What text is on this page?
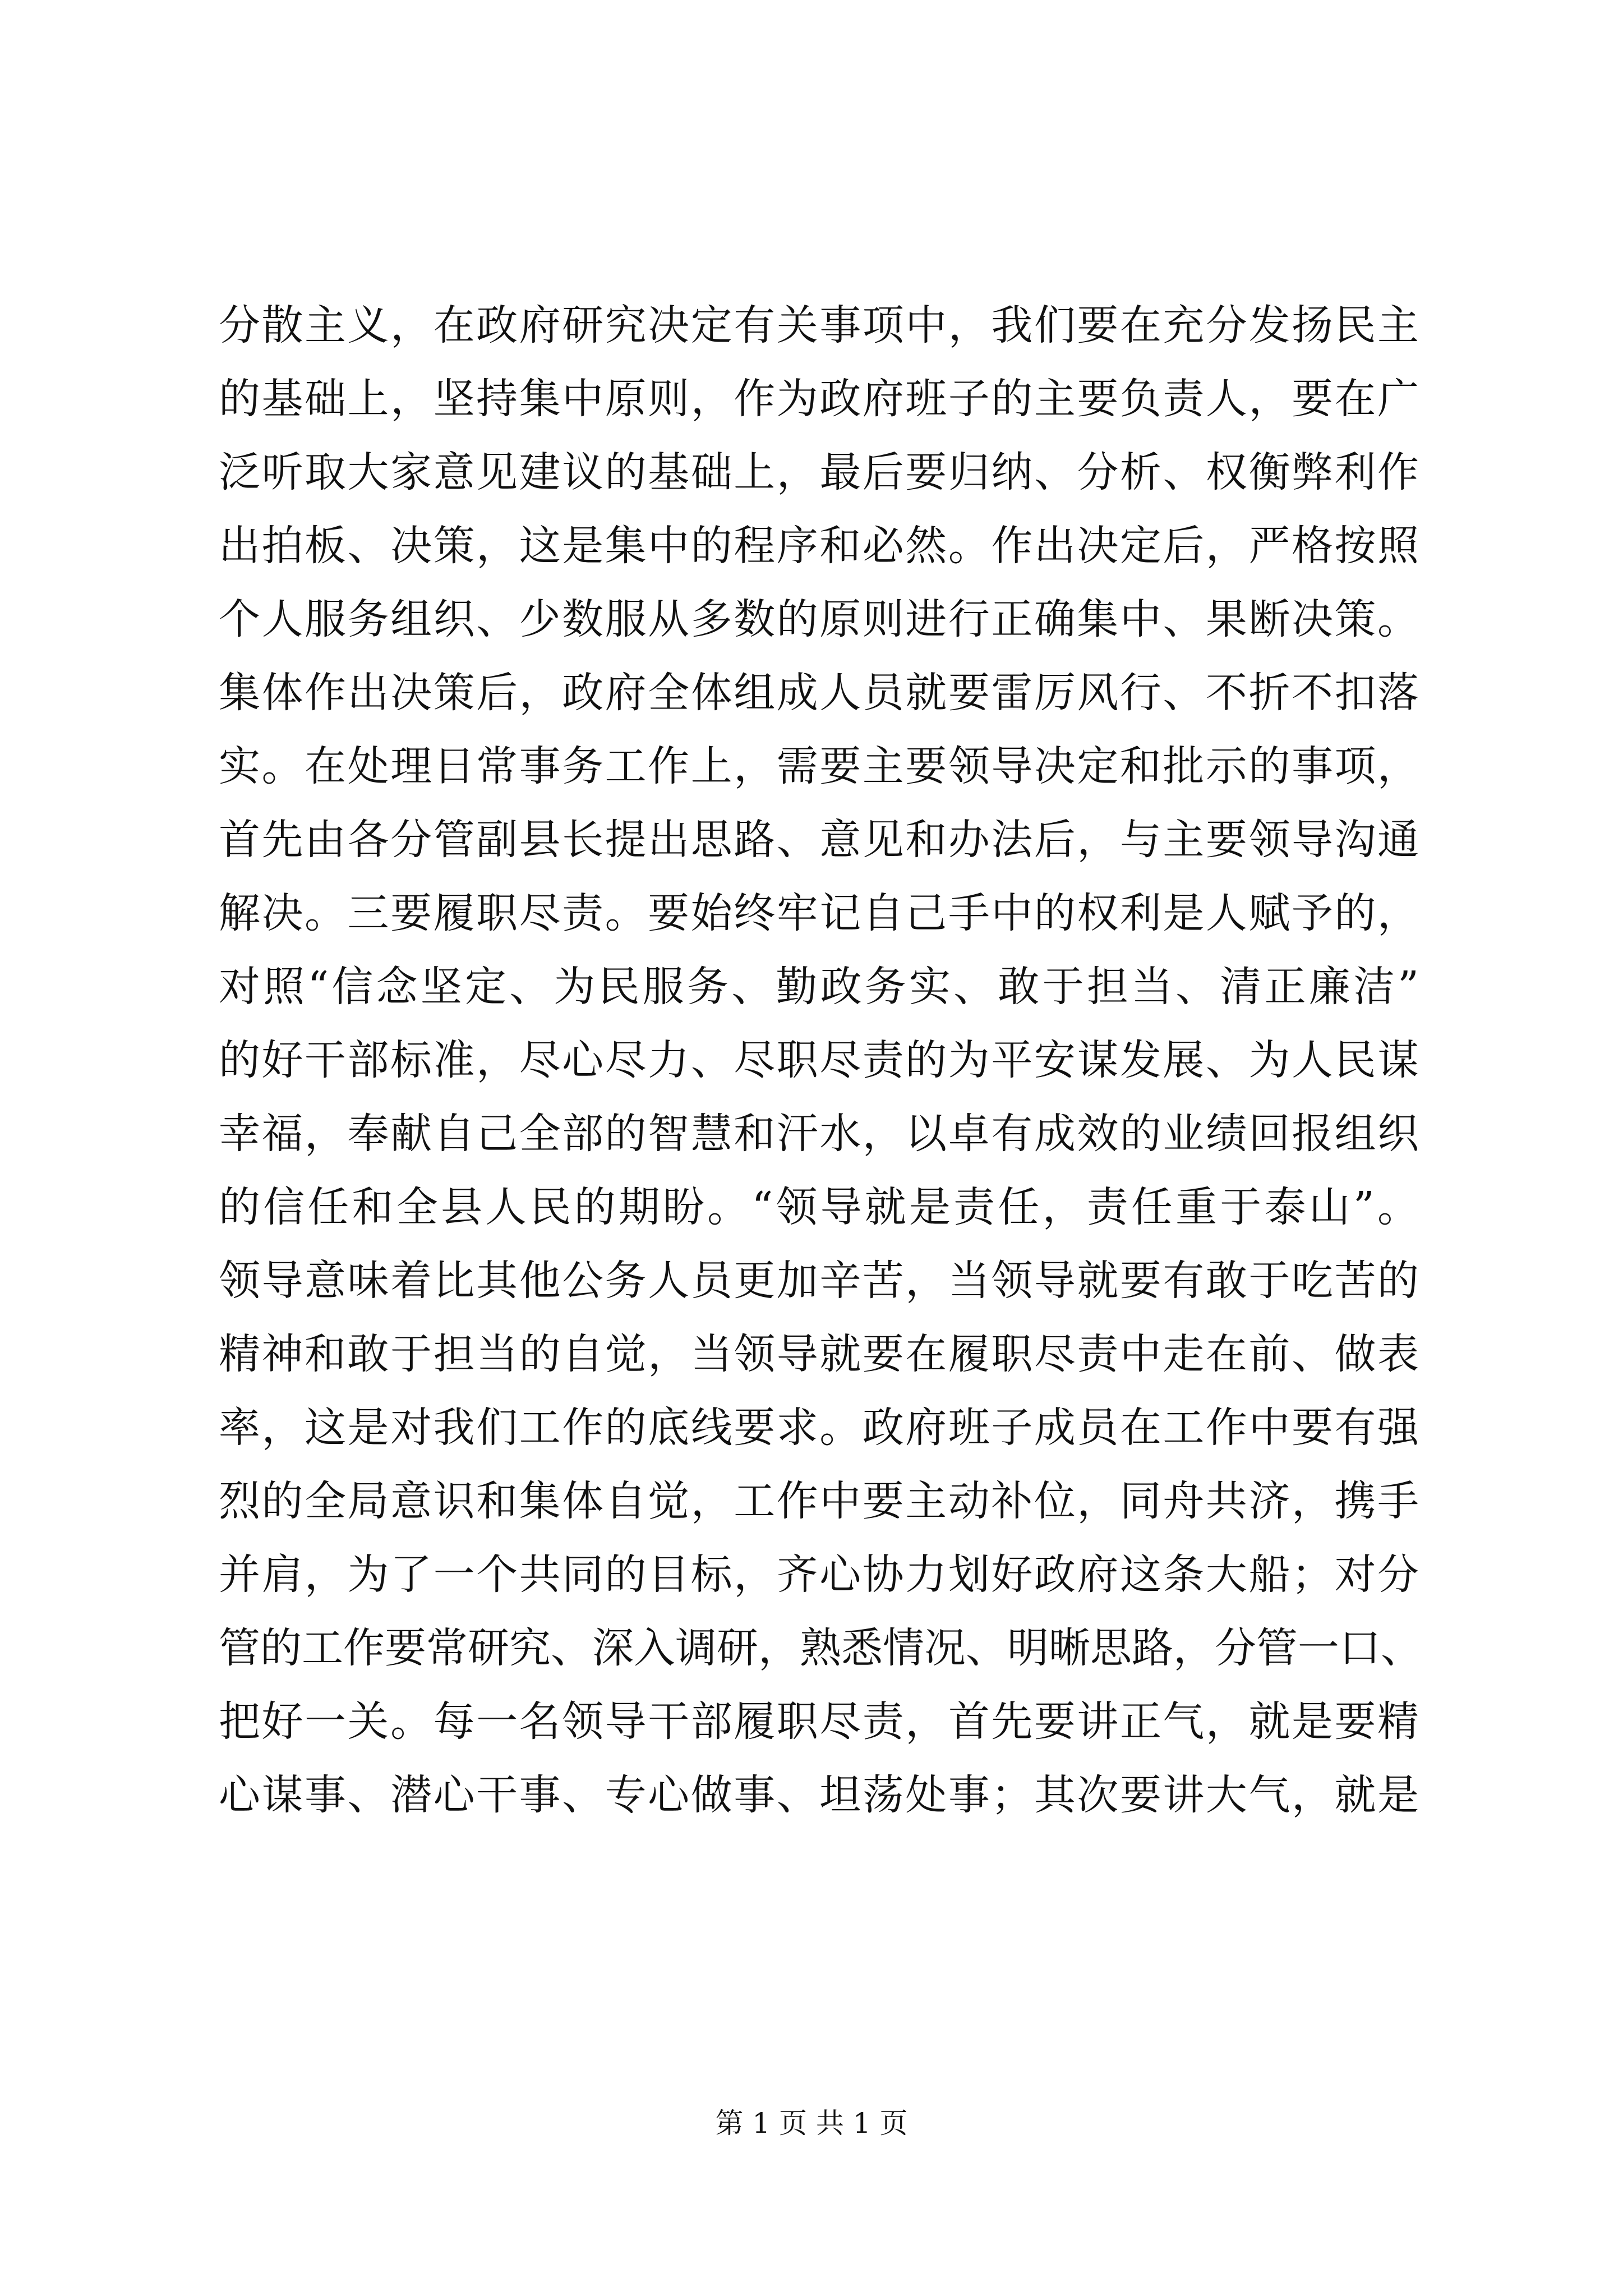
分散主义，在政府研究决定有关事项中，我们要在充分发扬民主
的基础上，坚持集中原则，作为政府班子的主要负责人，要在广
泛听取大家意见建议的基础上，最后要归纳、分析、权衡弊利作
出拍板、决策，这是集中的程序和必然。作出决定后，严格按照
个人服务组织、少数服从多数的原则进行正确集中、果断决策。
集体作出决策后，政府全体组成人员就要雷厉风行、不折不扣落
实。在处理日常事务工作上，需要主要领导决定和批示的事项，
首先由各分管副县长提出思路、意见和办法后，与主要领导沟通
解决。三要履职尽责。要始终牢记自己手中的权利是人赋予的，
对照“信念坚定、为民服务、勤政务实、敢于担当、清正廉洁”
的好干部标准，尽心尽力、尽职尽责的为平安谋发展、为人民谋
幸福，奉献自己全部的智慧和汗水，以卓有成效的业绩回报组织
的信任和全县人民的期盼。“领导就是责任，责任重于泰山”。
领导意味着比其他公务人员更加辛苦，当领导就要有敢于吃苦的
精神和敢于担当的自觉，当领导就要在履职尽责中走在前、做表
率，这是对我们工作的底线要求。政府班子成员在工作中要有强
烈的全局意识和集体自觉，工作中要主动补位，同舟共济，携手
并肩，为了一个共同的目标，齐心协力划好政府这条大船；对分
管的工作要常研究、深入调研，熟悉情况、明晰思路，分管一口、
把好一关。每一名领导干部履职尽责，首先要讲正气，就是要精
心谋事、潜心干事、专心做事、坦荡处事；其次要讲大气，就是
第 1 页 共 1 页
